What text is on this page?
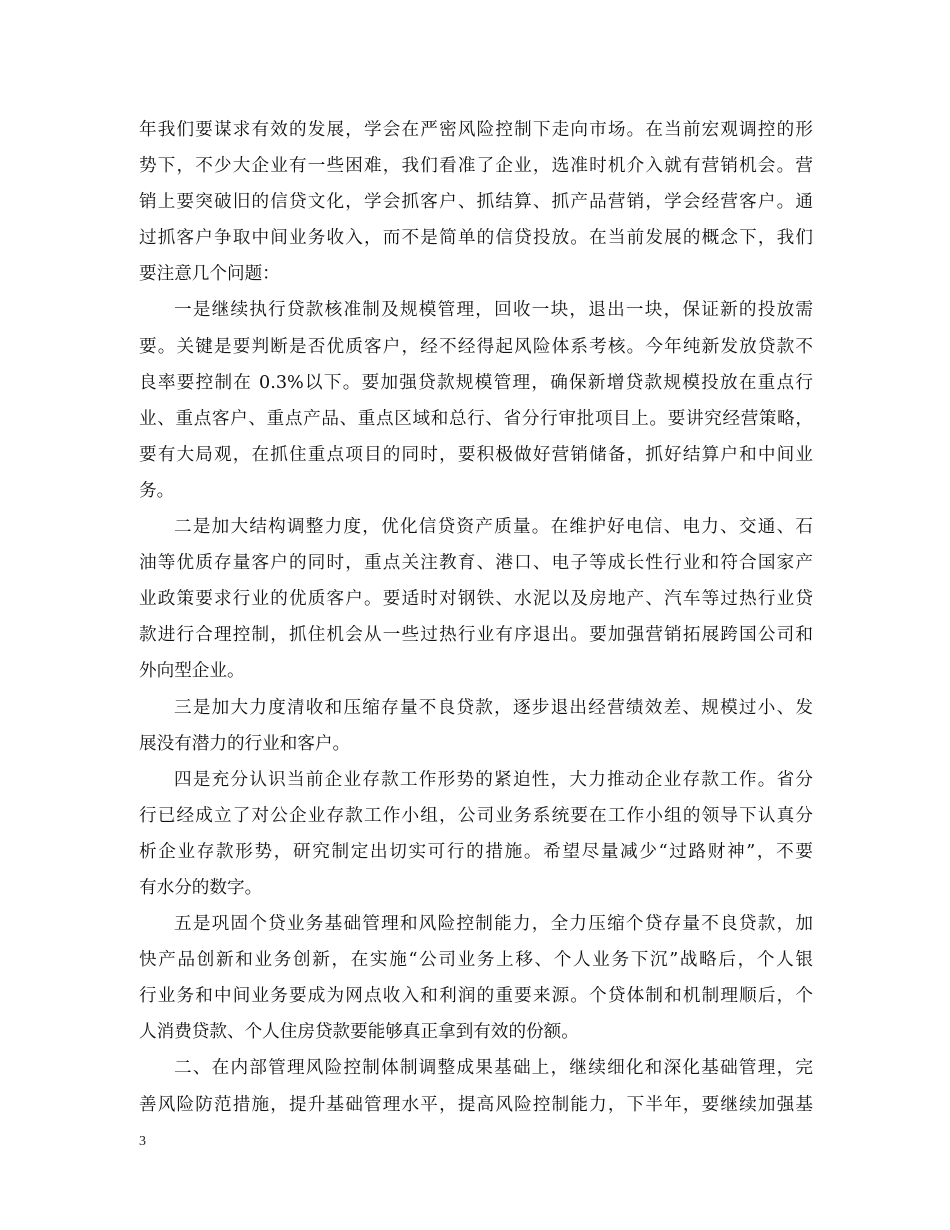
年我们要谋求有效的发展，学会在严密风险控制下走向市场。在当前宏观调控的形
势下，不少大企业有一些困难，我们看准了企业，选准时机介入就有营销机会。营
销上要突破旧的信贷文化，学会抓客户、抓结算、抓产品营销，学会经营客户。通
过抓客户争取中间业务收入，而不是简单的信贷投放。在当前发展的概念下，我们
要注意几个问题：
一是继续执行贷款核准制及规模管理，回收一块，退出一块，保证新的投放需
要。关键是要判断是否优质客户，经不经得起风险体系考核。今年纯新发放贷款不
良率要控制在 0.3%以下。要加强贷款规模管理，确保新增贷款规模投放在重点行
业、重点客户、重点产品、重点区域和总行、省分行审批项目上。要讲究经营策略，
要有大局观，在抓住重点项目的同时，要积极做好营销储备，抓好结算户和中间业
务。
二是加大结构调整力度，优化信贷资产质量。在维护好电信、电力、交通、石
油等优质存量客户的同时，重点关注教育、港口、电子等成长性行业和符合国家产
业政策要求行业的优质客户。要适时对钢铁、水泥以及房地产、汽车等过热行业贷
款进行合理控制，抓住机会从一些过热行业有序退出。要加强营销拓展跨国公司和
外向型企业。
三是加大力度清收和压缩存量不良贷款，逐步退出经营绩效差、规模过小、发
展没有潜力的行业和客户。
四是充分认识当前企业存款工作形势的紧迫性，大力推动企业存款工作。省分
行已经成立了对公企业存款工作小组，公司业务系统要在工作小组的领导下认真分
析企业存款形势，研究制定出切实可行的措施。希望尽量减少“过路财神”，不要
有水分的数字。
五是巩固个贷业务基础管理和风险控制能力，全力压缩个贷存量不良贷款，加
快产品创新和业务创新，在实施“公司业务上移、个人业务下沉”战略后，个人银
行业务和中间业务要成为网点收入和利润的重要来源。个贷体制和机制理顺后，个
人消费贷款、个人住房贷款要能够真正拿到有效的份额。
二、在内部管理风险控制体制调整成果基础上，继续细化和深化基础管理，完
善风险防范措施，提升基础管理水平，提高风险控制能力，下半年，要继续加强基
3
